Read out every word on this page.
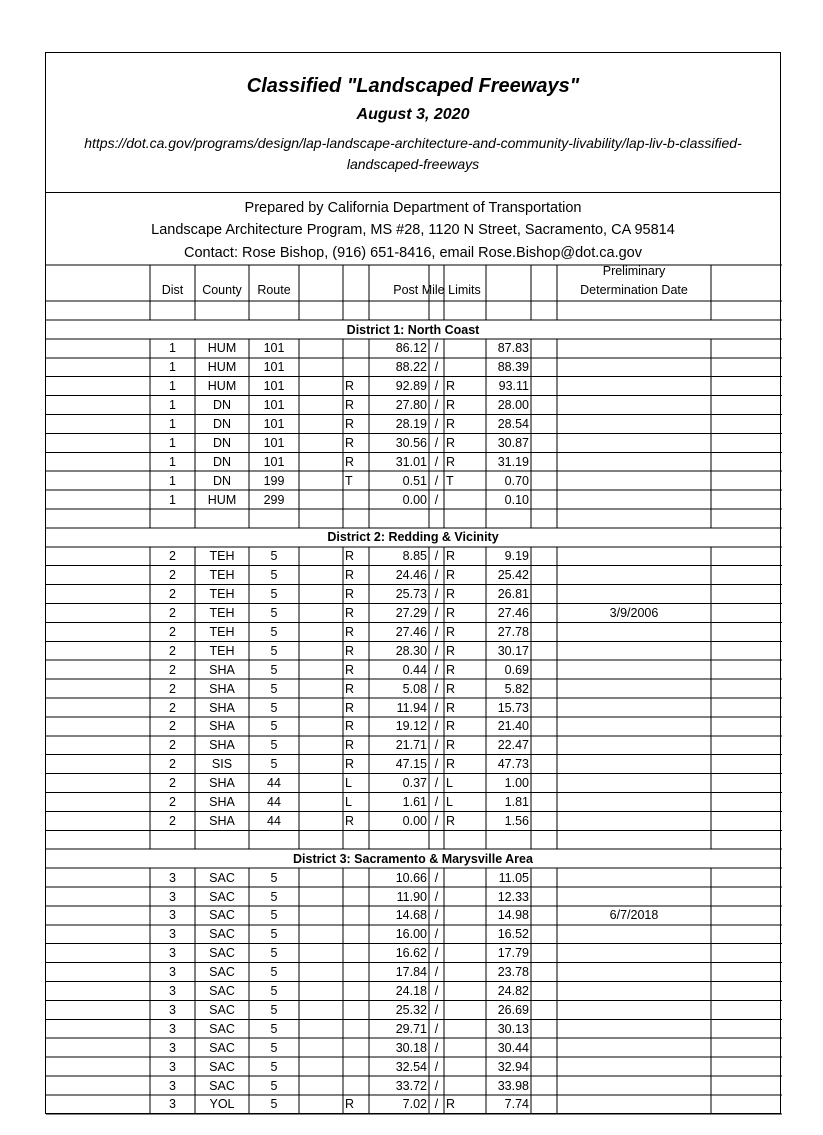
Classified "Landscaped Freeways"
August 3, 2020
https://dot.ca.gov/programs/design/lap-landscape-architecture-and-community-livability/lap-liv-b-classified-landscaped-freeways
Prepared by California Department of Transportation
Landscape Architecture Program, MS #28, 1120 N Street, Sacramento, CA 95814
Contact: Rose Bishop, (916) 651-8416, email Rose.Bishop@dot.ca.gov
Dist	County	Route	Post Mile Limits
Preliminary
Determination Date
District 1: North Coast
1	HUM	101	86.12 /	87.83
1	HUM	101	88.22 /	88.39
1	HUM	101	R	92.89 / R	93.11
1	DN	101	R	27.80 / R	28.00
1	DN	101	R	28.19 / R	28.54
1	DN	101	R	30.56 / R	30.87
1	DN	101	R	31.01 / R	31.19
1	DN	199	T	0.51 / T	0.70
1	HUM	299	0.00 /	0.10
District 2: Redding & Vicinity
2	TEH	5	R	8.85 / R	9.19
2	TEH	5	R	24.46 / R	25.42
2	TEH	5	R	25.73 / R	26.81
2	TEH	5	R	27.29 / R	27.46	3/9/2006
2	TEH	5	R	27.46 / R	27.78
2	TEH	5	R	28.30 / R	30.17
2	SHA	5	R	0.44 / R	0.69
2	SHA	5	R	5.08 / R	5.82
2	SHA	5	R	11.94 / R	15.73
2	SHA	5	R	19.12 / R	21.40
2	SHA	5	R	21.71 / R	22.47
2	SIS	5	R	47.15 / R	47.73
2	SHA	44	L	0.37 / L	1.00
2	SHA	44	L	1.61 / L	1.81
2	SHA	44	R	0.00 / R	1.56
District 3: Sacramento & Marysville Area
3	SAC	5	10.66 /	11.05
3	SAC	5	11.90 /	12.33
3	SAC	5	14.68 /	14.98	6/7/2018
3	SAC	5	16.00 /	16.52
3	SAC	5	16.62 /	17.79
3	SAC	5	17.84 /	23.78
3	SAC	5	24.18 /	24.82
3	SAC	5	25.32 /	26.69
3	SAC	5	29.71 /	30.13
3	SAC	5	30.18 /	30.44
3	SAC	5	32.54 /	32.94
3	SAC	5	33.72 /	33.98
3	YOL	5	R	7.02 / R	7.74
